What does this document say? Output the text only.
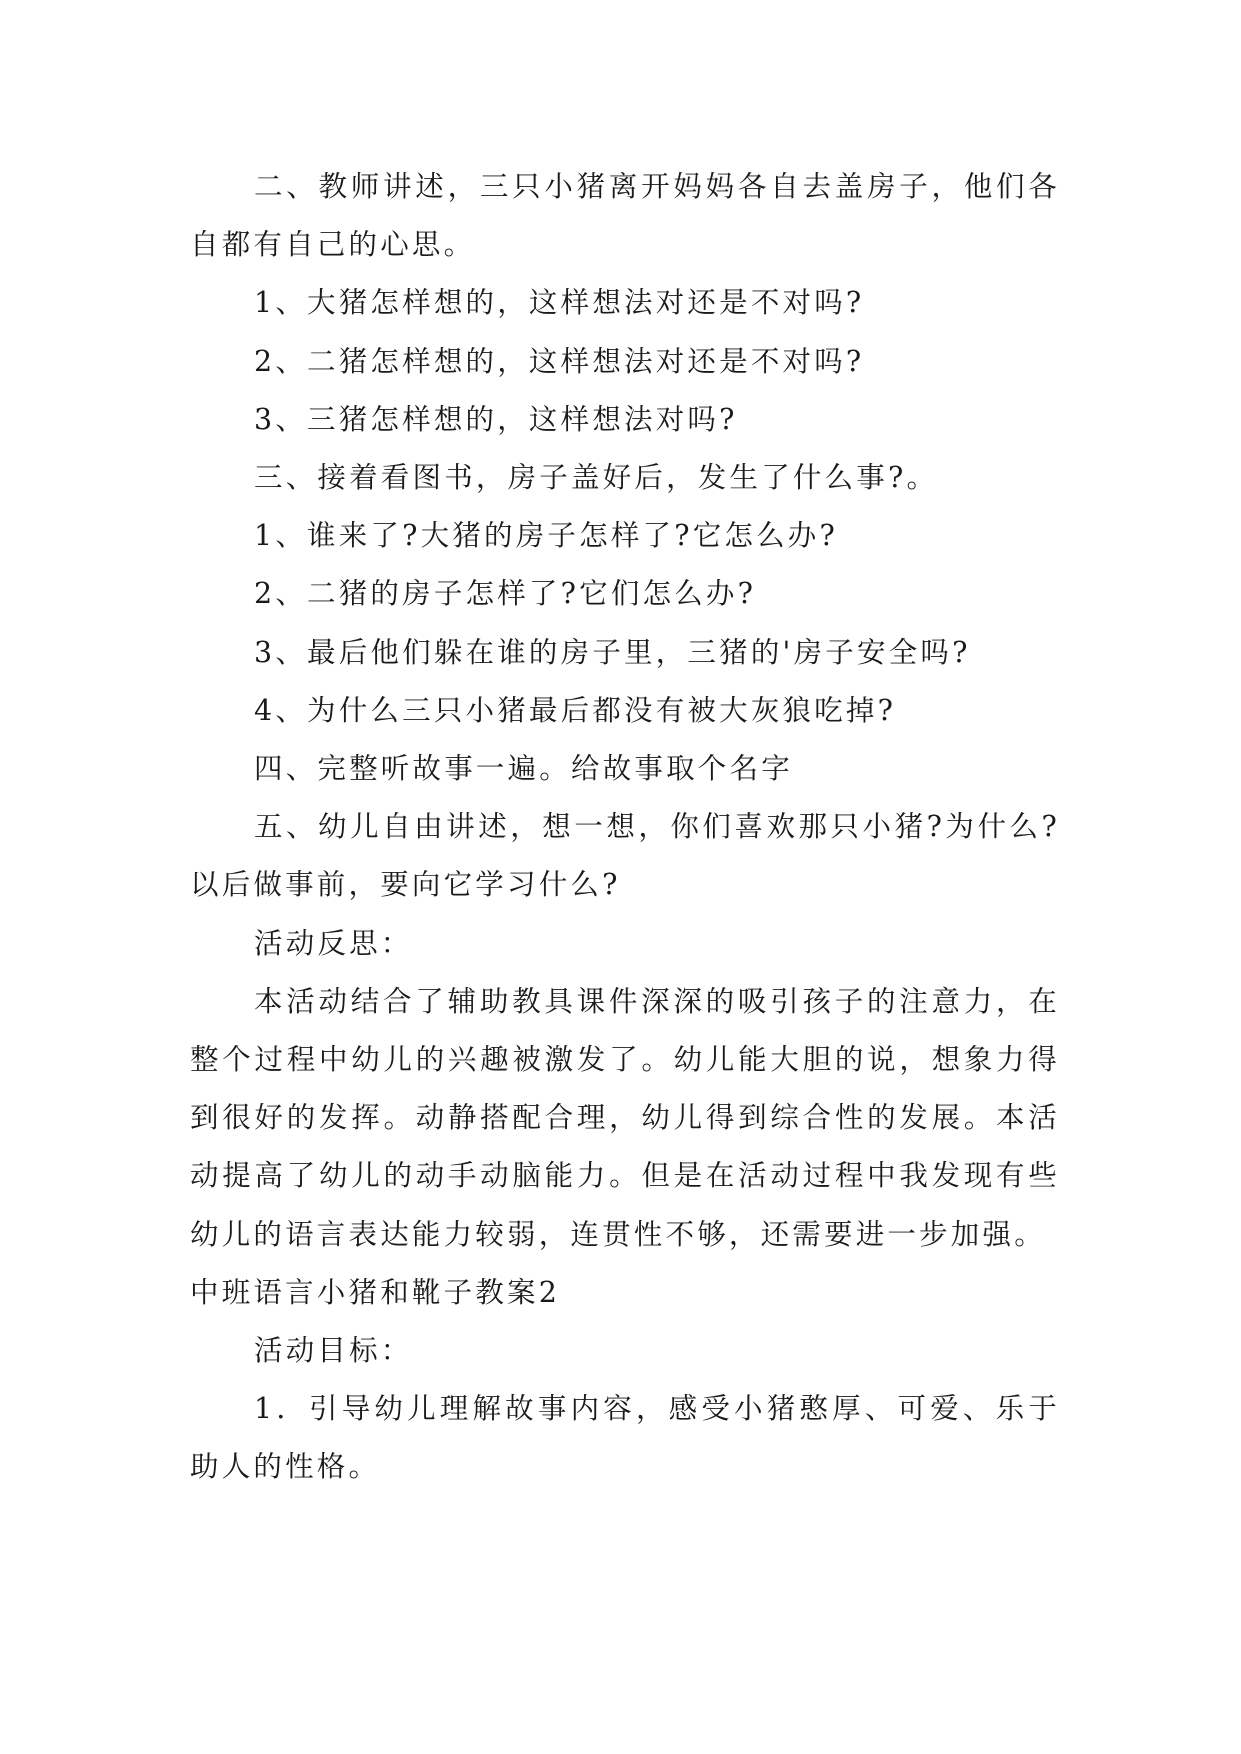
二、教师讲述，三只小猪离开妈妈各自去盖房子，他们各自都有自己的心思。

1、大猪怎样想的，这样想法对还是不对吗?

2、二猪怎样想的，这样想法对还是不对吗?

3、三猪怎样想的，这样想法对吗?

三、接着看图书，房子盖好后，发生了什么事?。

1、谁来了?大猪的房子怎样了?它怎么办?

2、二猪的房子怎样了?它们怎么办?

3、最后他们躲在谁的房子里，三猪的'房子安全吗?

4、为什么三只小猪最后都没有被大灰狼吃掉?

四、完整听故事一遍。给故事取个名字

五、幼儿自由讲述，想一想，你们喜欢那只小猪?为什么?以后做事前，要向它学习什么?

活动反思：

本活动结合了辅助教具课件深深的吸引孩子的注意力，在整个过程中幼儿的兴趣被激发了。幼儿能大胆的说，想象力得到很好的发挥。动静搭配合理，幼儿得到综合性的发展。本活动提高了幼儿的动手动脑能力。但是在活动过程中我发现有些幼儿的语言表达能力较弱，连贯性不够，还需要进一步加强。

中班语言小猪和靴子教案2

活动目标：

1．引导幼儿理解故事内容，感受小猪憨厚、可爱、乐于助人的性格。
